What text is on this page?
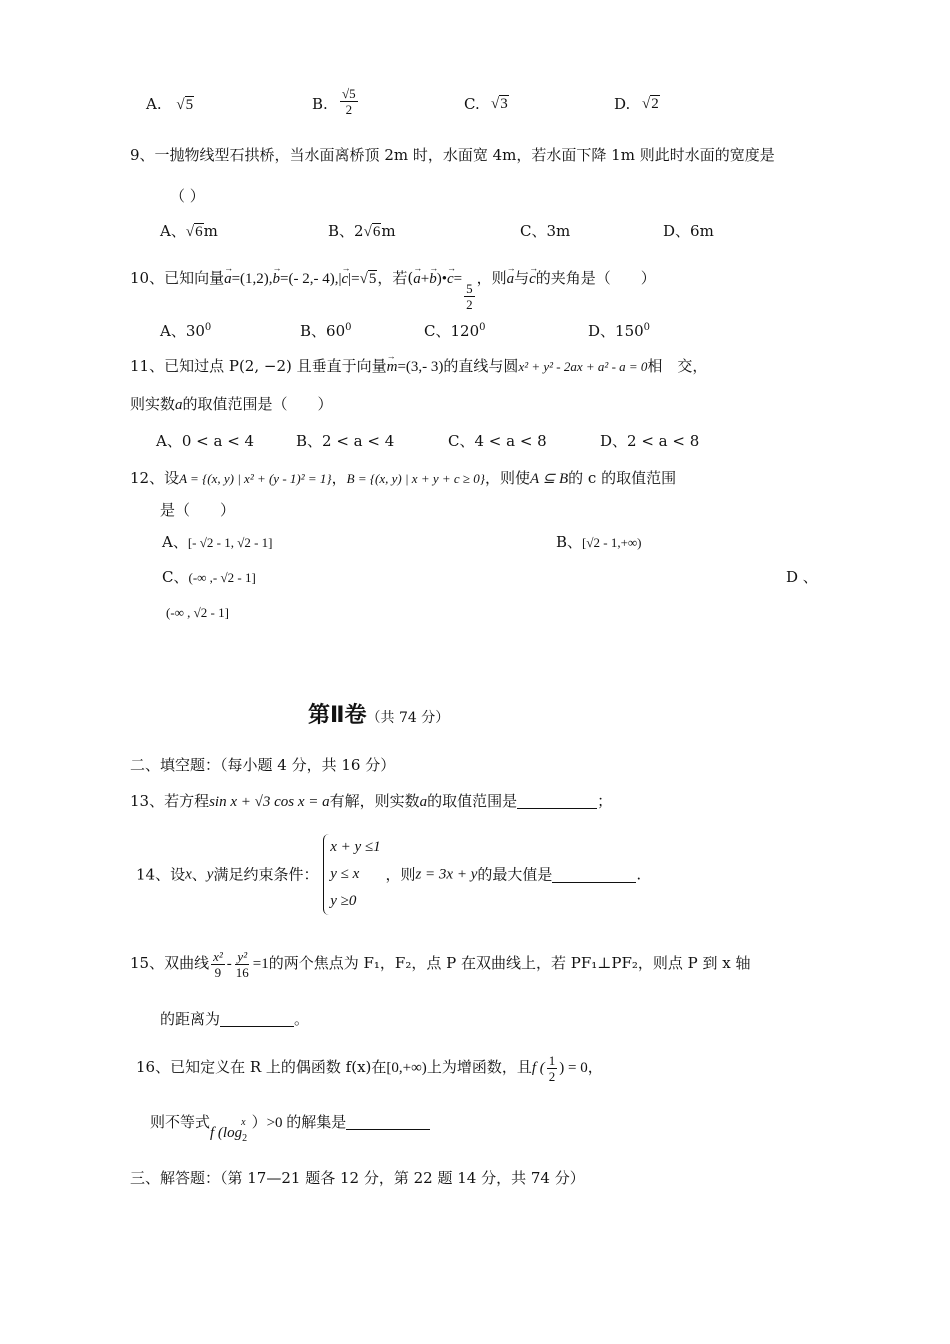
A. √5	B. $\frac{√5}{2}$	C. √3	D. √2
9、一抛物线型石拱桥，当水面离桥顶 2m 时，水面宽 4m，若水面下降 1m 则此时水面的宽度是
（ ）
A、√6m	B、2√6m	C、3m	D、6m
10、已知向量→ a=(1,2),→ b=(- 2,- 4),|→ c|=√5，若(→ a+→ b)•→ c=
$\frac{5}{2}$
，则→ a与→ c的夹角是（　　）
A、$30^0$	B、$60^0$	C、$120^0$	D、$150^0$
11、已知过点 P(2, −2) 且垂直于向量→ m=(3,- 3)的直线与圆x² + y² - 2ax + a² - a = 0相　交，
则实数a的取值范围是（　　）
A、0 < a < 4	B、2 < a < 4	C、4 < a < 8	D、2 < a < 8
12、设A = {(x, y) | x² + (y - 1)² = 1}，B = {(x, y) | x + y + c ≥ 0}，则使A ⊆ B的 c 的取值范围
是（　　）
A、[- √2 - 1, √2 - 1]	B、[√2 - 1,+∞)
C、(-∞ ,- √2 - 1]	D 、
(-∞ , √2 - 1]
第Ⅱ卷（共 74 分）
二、填空题：（每小题 4 分，共 16 分）
13、若方程sin x + √3 cos x = a有解，则实数a的取值范围是	；
14、设x、y满足约束条件：
x + y ≤1
y ≤ x
y ≥0
，则z = 3x + y的最大值是	.
15、双曲线 $\frac{\text{x²}}{9} - \frac{\text{y²}}{16} =1$的两个焦点为 F₁，F₂，点 P 在双曲线上，若 PF₁⊥PF₂，则点 P 到 x 轴
的距离为	。
16、已知定义在 R 上的偶函数 f(x)在[0,+∞)上为增函数，且f ( $\frac{1}{2}$ ) = 0，
则不等式f ($\log_2^x$ ）>0 的解集是
三、解答题：（第 17—21 题各 12 分，第 22 题 14 分，共 74 分）
